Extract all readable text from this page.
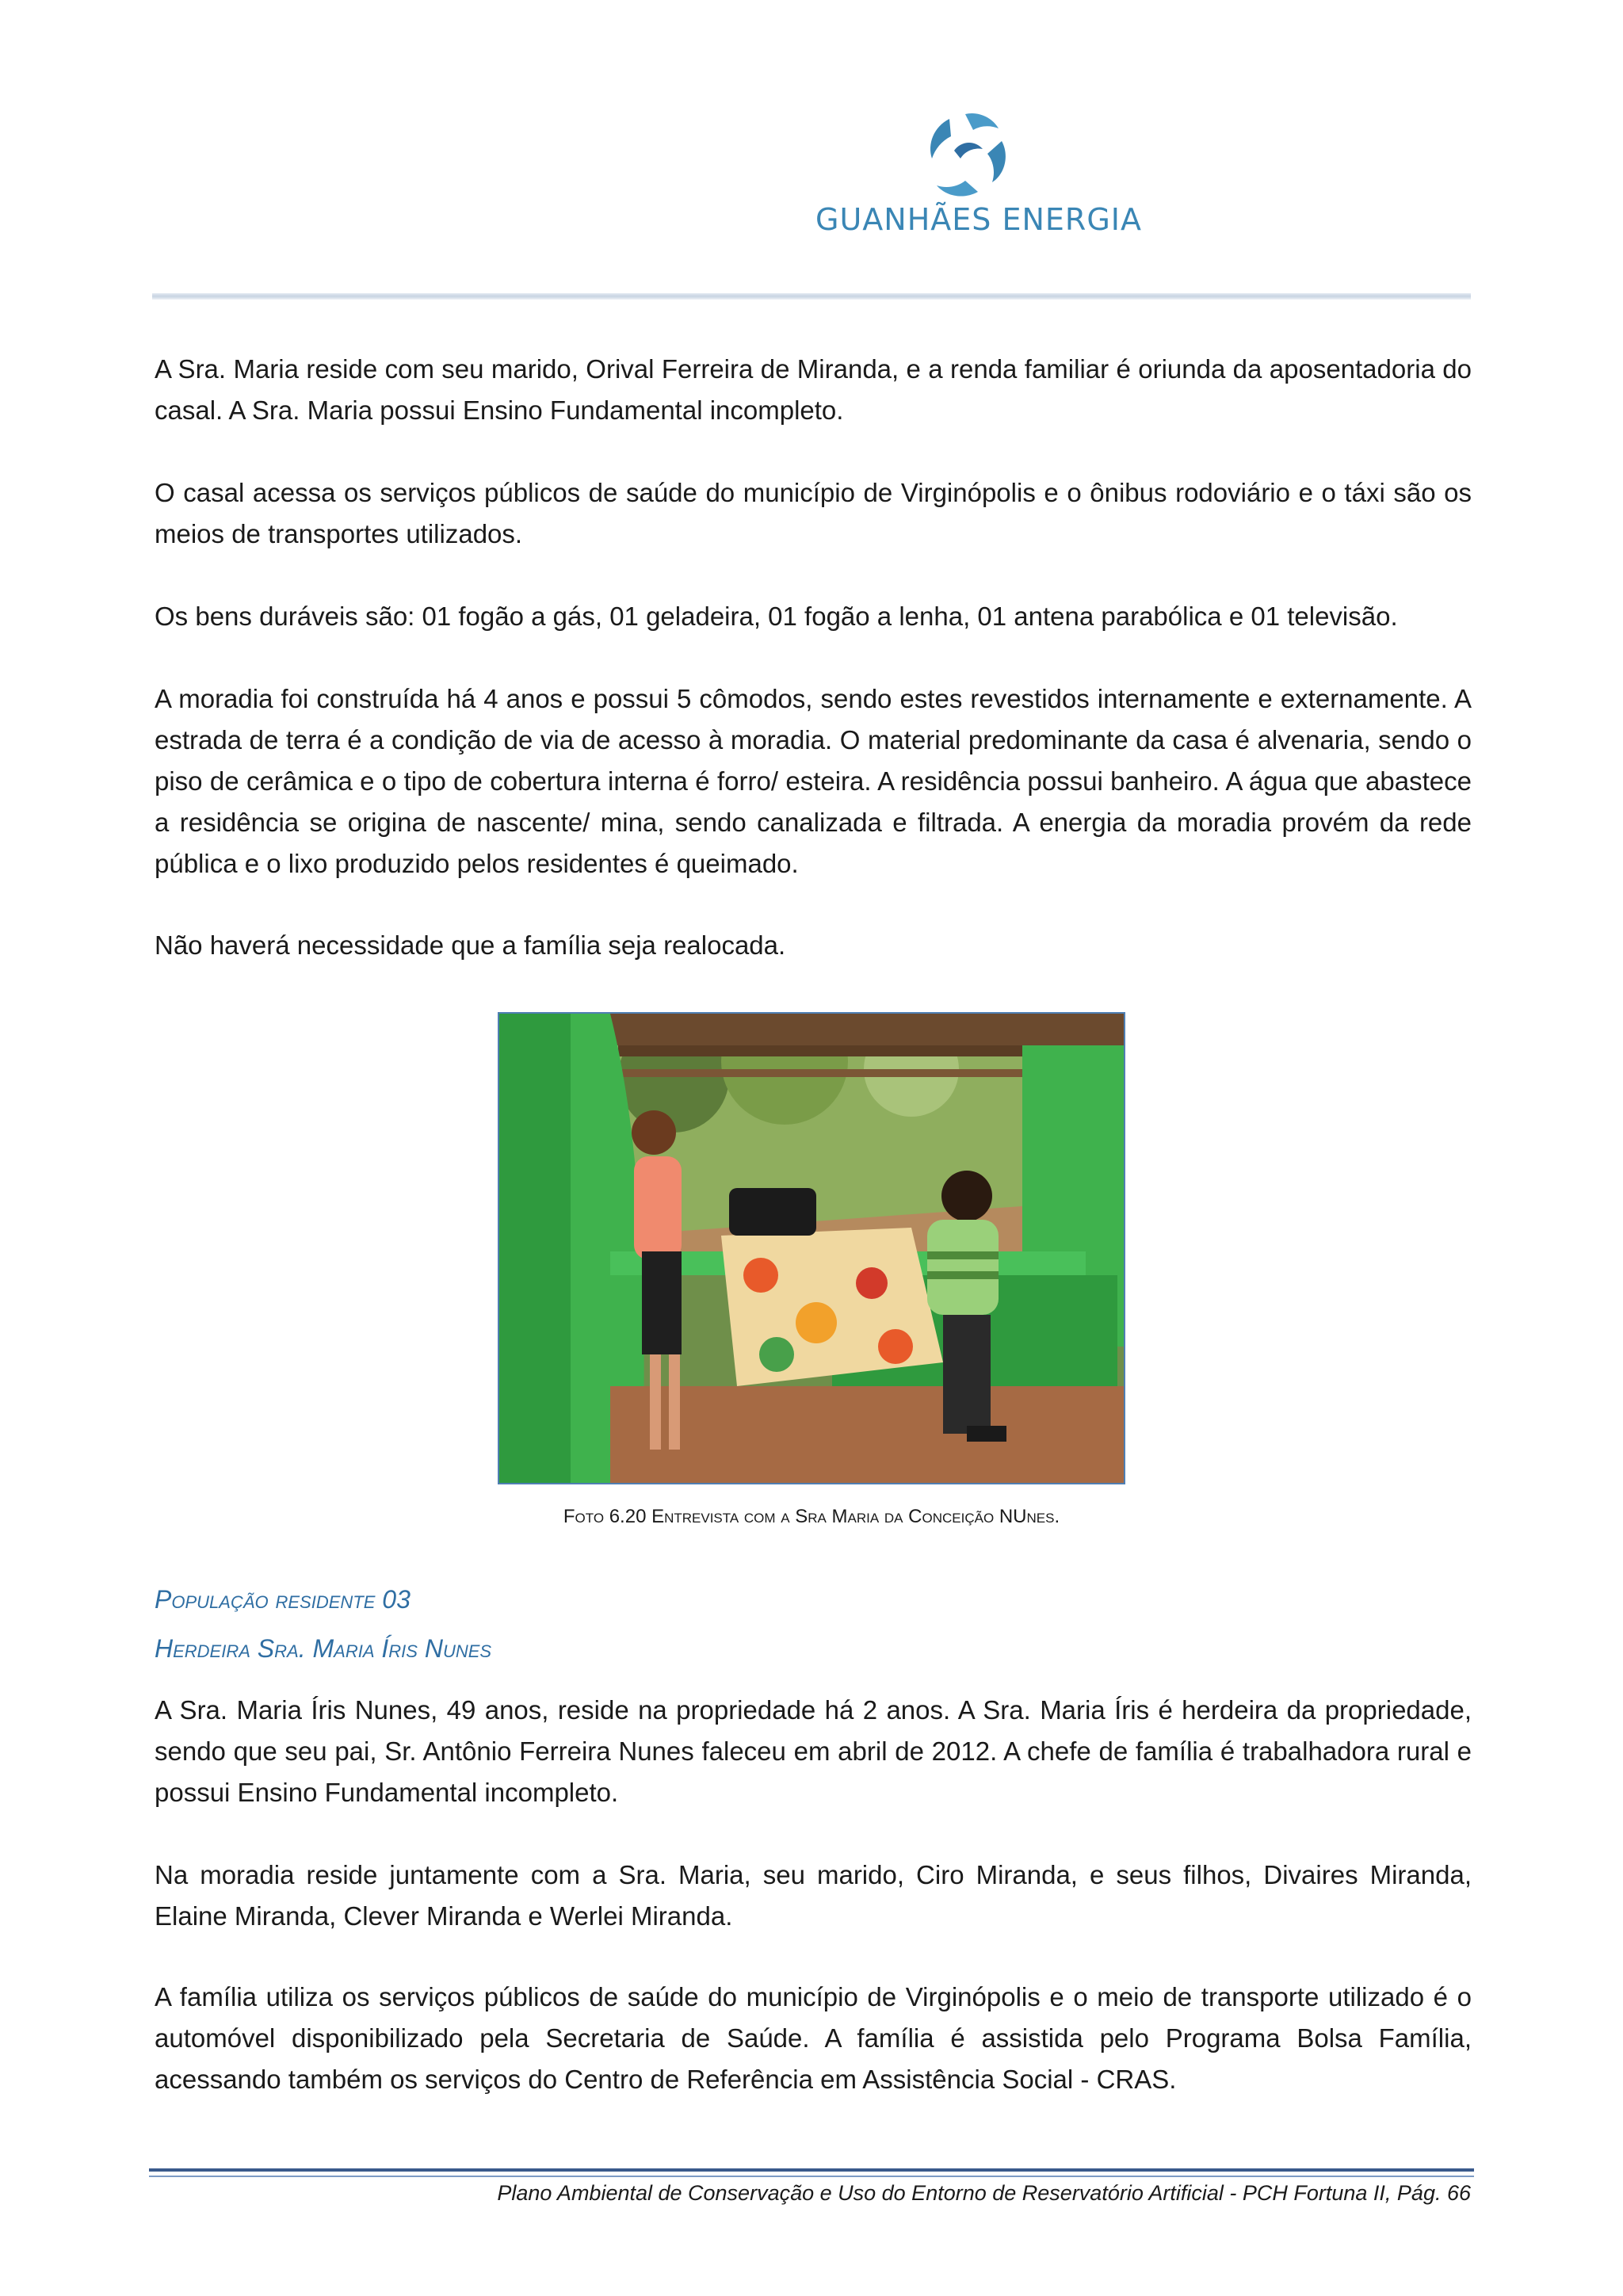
GUANHÃES ENERGIA

A Sra. Maria reside com seu marido, Orival Ferreira de Miranda, e a renda familiar é oriunda da aposentadoria do casal. A Sra. Maria possui Ensino Fundamental incompleto.

O casal acessa os serviços públicos de saúde do município de Virginópolis e o ônibus rodoviário e o táxi são os meios de transportes utilizados.

Os bens duráveis são: 01 fogão a gás, 01 geladeira, 01 fogão a lenha, 01 antena parabólica e 01 televisão.

A moradia foi construída há 4 anos e possui 5 cômodos, sendo estes revestidos internamente e externamente. A estrada de terra é a condição de via de acesso à moradia. O material predominante da casa é alvenaria, sendo o piso de cerâmica e o tipo de cobertura interna é forro/ esteira. A residência possui banheiro. A água que abastece a residência se origina de nascente/ mina, sendo canalizada e filtrada. A energia da moradia provém da rede pública e o lixo produzido pelos residentes é queimado.

Não haverá necessidade que a família seja realocada.

Foto 6.20 Entrevista com a Sra Maria da Conceição NUnes.
População residente 03
Herdeira Sra. Maria Íris Nunes

A Sra. Maria Íris Nunes, 49 anos, reside na propriedade há 2 anos. A Sra. Maria Íris é herdeira da propriedade, sendo que seu pai, Sr. Antônio Ferreira Nunes faleceu em abril de 2012. A chefe de família é trabalhadora rural e possui Ensino Fundamental incompleto.

Na moradia reside juntamente com a Sra. Maria, seu marido, Ciro Miranda, e seus filhos, Divaires Miranda, Elaine Miranda, Clever Miranda e Werlei Miranda.

A família utiliza os serviços públicos de saúde do município de Virginópolis e o meio de transporte utilizado é o automóvel disponibilizado pela Secretaria de Saúde. A família é assistida pelo Programa Bolsa Família, acessando também os serviços do Centro de Referência em Assistência Social - CRAS.

Plano Ambiental de Conservação e Uso do Entorno de Reservatório Artificial - PCH Fortuna II, Pág. 66
